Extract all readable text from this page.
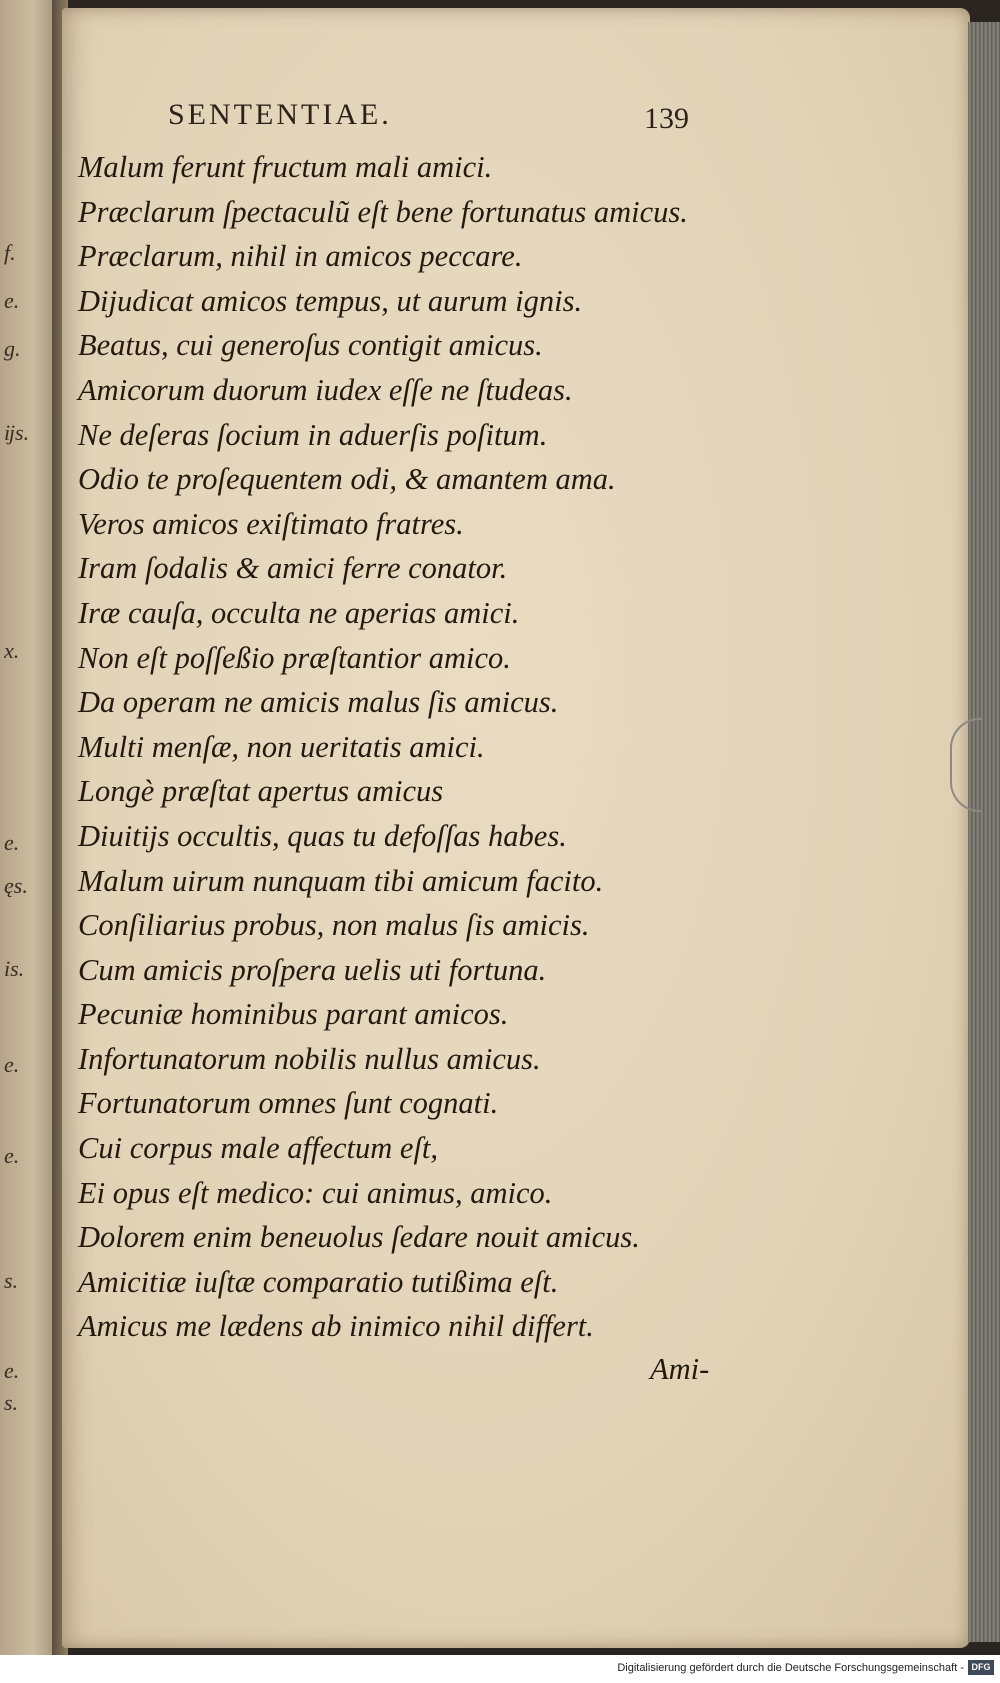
f.
e.
g.
ĳs.
x.
e.
ęs.
is.
e.
e.
s.
e.
s.
SENTENTIAE.	139
Malum ferunt fructum mali amici.
Præclarum ſpectaculũ eſt bene fortunatus amicus.
Præclarum, nihil in amicos peccare.
Dijudicat amicos tempus, ut aurum ignis.
Beatus, cui generoſus contigit amicus.
Amicorum duorum iudex eſſe ne ſtudeas.
Ne deſeras ſocium in aduerſis poſitum.
Odio te proſequentem odi, & amantem ama.
Veros amicos exiſtimato fratres.
Iram ſodalis & amici ferre conator.
Iræ cauſa, occulta ne aperias amici.
Non eſt poſſeßio præſtantior amico.
Da operam ne amicis malus ſis amicus.
Multi menſæ, non ueritatis amici.
Longè præſtat apertus amicus
Diuitijs occultis, quas tu defoſſas habes.
Malum uirum nunquam tibi amicum facito.
Conſiliarius probus, non malus ſis amicis.
Cum amicis proſpera uelis uti fortuna.
Pecuniæ hominibus parant amicos.
Infortunatorum nobilis nullus amicus.
Fortunatorum omnes ſunt cognati.
Cui corpus male affectum eſt,
Ei opus eſt medico: cui animus, amico.
Dolorem enim beneuolus ſedare nouit amicus.
Amicitiæ iuſtæ comparatio tutißima eſt.
Amicus me lædens ab inimico nihil differt.
Ami-
Digitalisierung gefördert durch die Deutsche Forschungsgemeinschaft - DFG
